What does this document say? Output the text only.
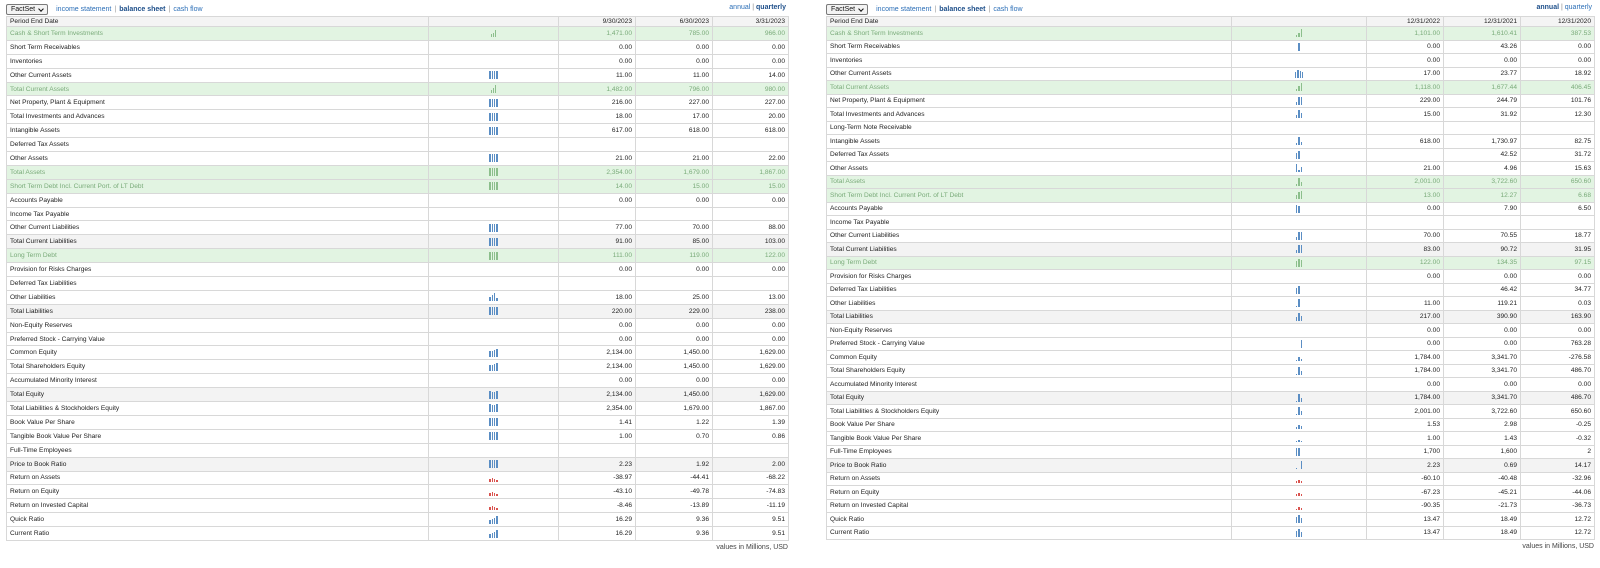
FactSet	income statement | balance sheet | cash flow	annual | quarterly
Period End Date		9/30/2023	6/30/2023	3/31/2023
Cash & Short Term Investments		1,471.00	785.00	966.00
Short Term Receivables		0.00	0.00	0.00
Inventories		0.00	0.00	0.00
Other Current Assets		11.00	11.00	14.00
Total Current Assets		1,482.00	796.00	980.00
Net Property, Plant & Equipment		216.00	227.00	227.00
Total Investments and Advances		18.00	17.00	20.00
Intangible Assets		617.00	618.00	618.00
Deferred Tax Assets				
Other Assets		21.00	21.00	22.00
Total Assets		2,354.00	1,679.00	1,867.00
Short Term Debt Incl. Current Port. of LT Debt		14.00	15.00	15.00
Accounts Payable		0.00	0.00	0.00
Income Tax Payable				
Other Current Liabilities		77.00	70.00	88.00
Total Current Liabilities		91.00	85.00	103.00
Long Term Debt		111.00	119.00	122.00
Provision for Risks Charges		0.00	0.00	0.00
Deferred Tax Liabilities				
Other Liabilities		18.00	25.00	13.00
Total Liabilities		220.00	229.00	238.00
Non-Equity Reserves		0.00	0.00	0.00
Preferred Stock - Carrying Value		0.00	0.00	0.00
Common Equity		2,134.00	1,450.00	1,629.00
Total Shareholders Equity		2,134.00	1,450.00	1,629.00
Accumulated Minority Interest		0.00	0.00	0.00
Total Equity		2,134.00	1,450.00	1,629.00
Total Liabilities & Stockholders Equity		2,354.00	1,679.00	1,867.00
Book Value Per Share		1.41	1.22	1.39
Tangible Book Value Per Share		1.00	0.70	0.86
Full-Time Employees				
Price to Book Ratio		2.23	1.92	2.00
Return on Assets		-38.97	-44.41	-68.22
Return on Equity		-43.10	-49.78	-74.83
Return on Invested Capital		-8.46	-13.89	-11.19
Quick Ratio		16.29	9.36	9.51
Current Ratio		16.29	9.36	9.51
values in Millions, USD
FactSet	income statement | balance sheet | cash flow	annual | quarterly
Period End Date		12/31/2022	12/31/2021	12/31/2020
Cash & Short Term Investments		1,101.00	1,610.41	387.53
Short Term Receivables		0.00	43.26	0.00
Inventories		0.00	0.00	0.00
Other Current Assets		17.00	23.77	18.92
Total Current Assets		1,118.00	1,677.44	406.45
Net Property, Plant & Equipment		229.00	244.79	101.76
Total Investments and Advances		15.00	31.92	12.30
Long-Term Note Receivable				
Intangible Assets		618.00	1,730.97	82.75
Deferred Tax Assets			42.52	31.72
Other Assets		21.00	4.96	15.63
Total Assets		2,001.00	3,722.60	650.60
Short Term Debt Incl. Current Port. of LT Debt		13.00	12.27	6.68
Accounts Payable		0.00	7.90	6.50
Income Tax Payable				
Other Current Liabilities		70.00	70.55	18.77
Total Current Liabilities		83.00	90.72	31.95
Long Term Debt		122.00	134.35	97.15
Provision for Risks Charges		0.00	0.00	0.00
Deferred Tax Liabilities			46.42	34.77
Other Liabilities		11.00	119.21	0.03
Total Liabilities		217.00	390.90	163.90
Non-Equity Reserves		0.00	0.00	0.00
Preferred Stock - Carrying Value		0.00	0.00	763.28
Common Equity		1,784.00	3,341.70	-276.58
Total Shareholders Equity		1,784.00	3,341.70	486.70
Accumulated Minority Interest		0.00	0.00	0.00
Total Equity		1,784.00	3,341.70	486.70
Total Liabilities & Stockholders Equity		2,001.00	3,722.60	650.60
Book Value Per Share		1.53	2.98	-0.25
Tangible Book Value Per Share		1.00	1.43	-0.32
Full-Time Employees		1,700	1,600	2
Price to Book Ratio		2.23	0.69	14.17
Return on Assets		-60.10	-40.48	-32.96
Return on Equity		-67.23	-45.21	-44.06
Return on Invested Capital		-90.35	-21.73	-36.73
Quick Ratio		13.47	18.49	12.72
Current Ratio		13.47	18.49	12.72
values in Millions, USD
